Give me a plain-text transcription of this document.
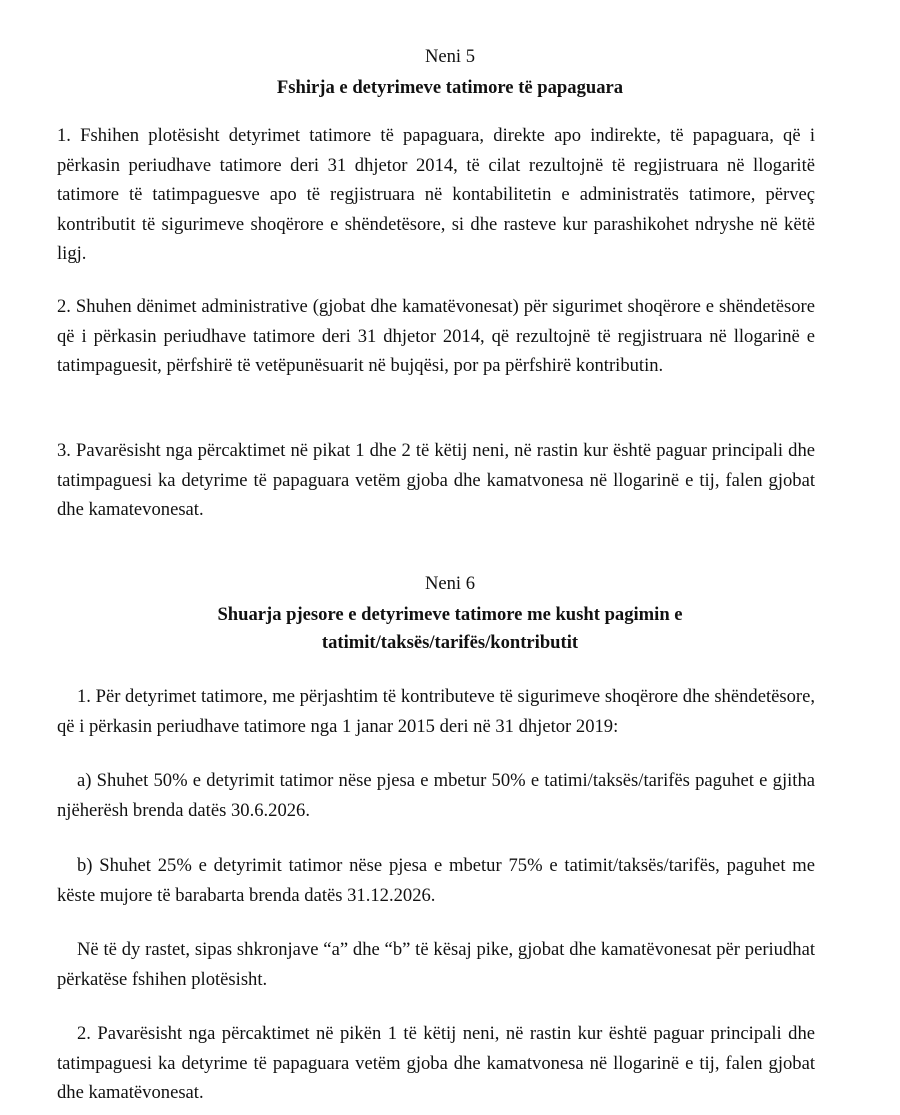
Neni 5
Fshirja e detyrimeve tatimore të papaguara
1. Fshihen plotësisht detyrimet tatimore të papaguara, direkte apo indirekte, të papaguara, që i përkasin periudhave tatimore deri 31 dhjetor 2014, të cilat rezultojnë të regjistruara në llogaritë tatimore të tatimpaguesve apo të regjistruara në kontabilitetin e administratës tatimore, përveç kontributit të sigurimeve shoqërore e shëndetësore, si dhe rasteve kur parashikohet ndryshe në këtë ligj.
2. Shuhen dënimet administrative (gjobat dhe kamatëvonesat) për sigurimet shoqërore e shëndetësore që i përkasin periudhave tatimore deri 31 dhjetor 2014, që rezultojnë të regjistruara në llogarinë e tatimpaguesit, përfshirë të vetëpunësuarit në bujqësi, por pa përfshirë kontributin.
3. Pavarësisht nga përcaktimet në pikat 1 dhe 2 të këtij neni, në rastin kur është paguar principali dhe tatimpaguesi ka detyrime të papaguara vetëm gjoba dhe kamatvonesa në llogarinë e tij, falen gjobat dhe kamatevonesat.
Neni 6
Shuarja pjesore e detyrimeve tatimore me kusht pagimin e
tatimit/taksës/tarifës/kontributit
1. Për detyrimet tatimore, me përjashtim të kontributeve të sigurimeve shoqërore dhe shëndetësore, që i përkasin periudhave tatimore nga 1 janar 2015 deri në 31 dhjetor 2019:
a) Shuhet 50% e detyrimit tatimor nëse pjesa e mbetur 50% e tatimi/taksës/tarifës paguhet e gjitha njëherësh brenda datës 30.6.2026.
b) Shuhet 25% e detyrimit tatimor nëse pjesa e mbetur 75% e tatimit/taksës/tarifës, paguhet me këste mujore të barabarta brenda datës 31.12.2026.
Në të dy rastet, sipas shkronjave “a” dhe “b” të kësaj pike, gjobat dhe kamatëvonesat për periudhat përkatëse fshihen plotësisht.
2. Pavarësisht nga përcaktimet në pikën 1 të këtij neni, në rastin kur është paguar principali dhe tatimpaguesi ka detyrime të papaguara vetëm gjoba dhe kamatvonesa në llogarinë e tij, falen gjobat dhe kamatëvonesat.
